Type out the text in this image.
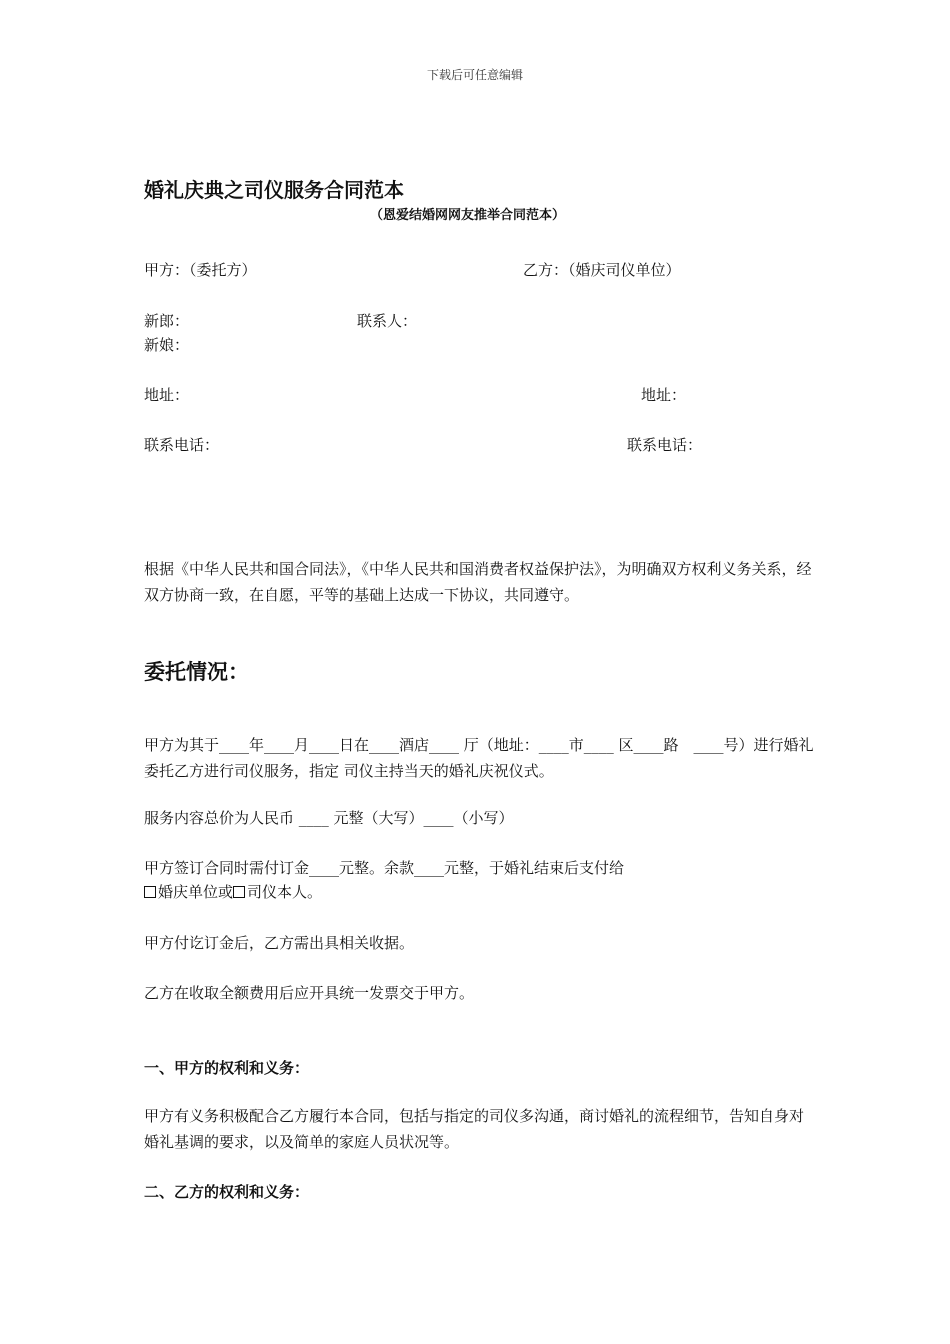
下载后可任意编辑
婚礼庆典之司仪服务合同范本
（恩爱结婚网网友推举合同范本）
甲方：（委托方）	乙方：（婚庆司仪单位）
新郎：	联系人：
新娘：
地址：	地址：
联系电话：	联系电话：
根据《中华人民共和国合同法》，《中华人民共和国消费者权益保护法》，为明确双方权利义务关系，经双方协商一致，在自愿，平等的基础上达成一下协议，共同遵守。
委托情况：
甲方为其于____年____月____日在____酒店____ 厅（地址：____市____ 区____路　____号）进行婚礼委托乙方进行司仪服务，指定 司仪主持当天的婚礼庆祝仪式。
服务内容总价为人民币 ____ 元整（大写）____（小写）
甲方签订合同时需付订金____元整。余款____元整，于婚礼结束后支付给
婚庆单位或 司仪本人。
甲方付讫订金后，乙方需出具相关收据。
乙方在收取全额费用后应开具统一发票交于甲方。
一、甲方的权利和义务：
甲方有义务积极配合乙方履行本合同，包括与指定的司仪多沟通，商讨婚礼的流程细节，告知自身对婚礼基调的要求，以及简单的家庭人员状况等。
二、乙方的权利和义务：
